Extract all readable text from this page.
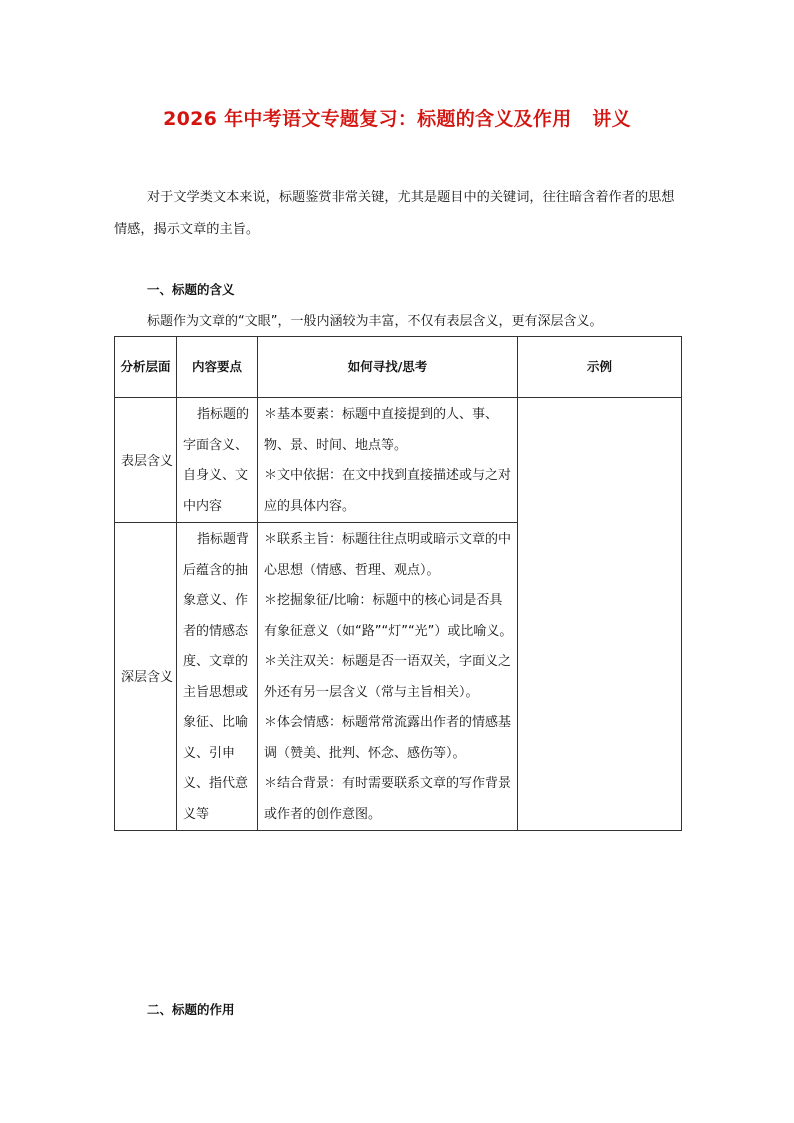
2026 年中考语文专题复习：标题的含义及作用   讲义
对于文学类文本来说，标题鉴赏非常关键，尤其是题目中的关键词，往往暗含着作者的思想情感，揭示文章的主旨。
一、标题的含义
标题作为文章的“文眼”，一般内涵较为丰富，不仅有表层含义，更有深层含义。
分析层面	内容要点	如何寻找/思考	示例
表层含义	指标题的字面含义、自身义、文中内容	＊基本要素：标题中直接提到的人、事、物、景、时间、地点等。

＊文中依据：在文中找到直接描述或与之对应的具体内容。	

深层含义	指标题背后蕴含的抽象意义、作者的情感态度、文章的主旨思想或象征、比喻义、引申义、指代意义等	＊联系主旨：标题往往点明或暗示文章的中心思想（情感、哲理、观点）。

＊挖掘象征/比喻：标题中的核心词是否具有象征意义（如“路”“灯”“光”）或比喻义。

＊关注双关：标题是否一语双关，字面义之外还有另一层含义（常与主旨相关）。

＊体会情感：标题常常流露出作者的情感基调（赞美、批判、怀念、感伤等）。

＊结合背景：有时需要联系文章的写作背景或作者的创作意图。	

二、标题的作用
